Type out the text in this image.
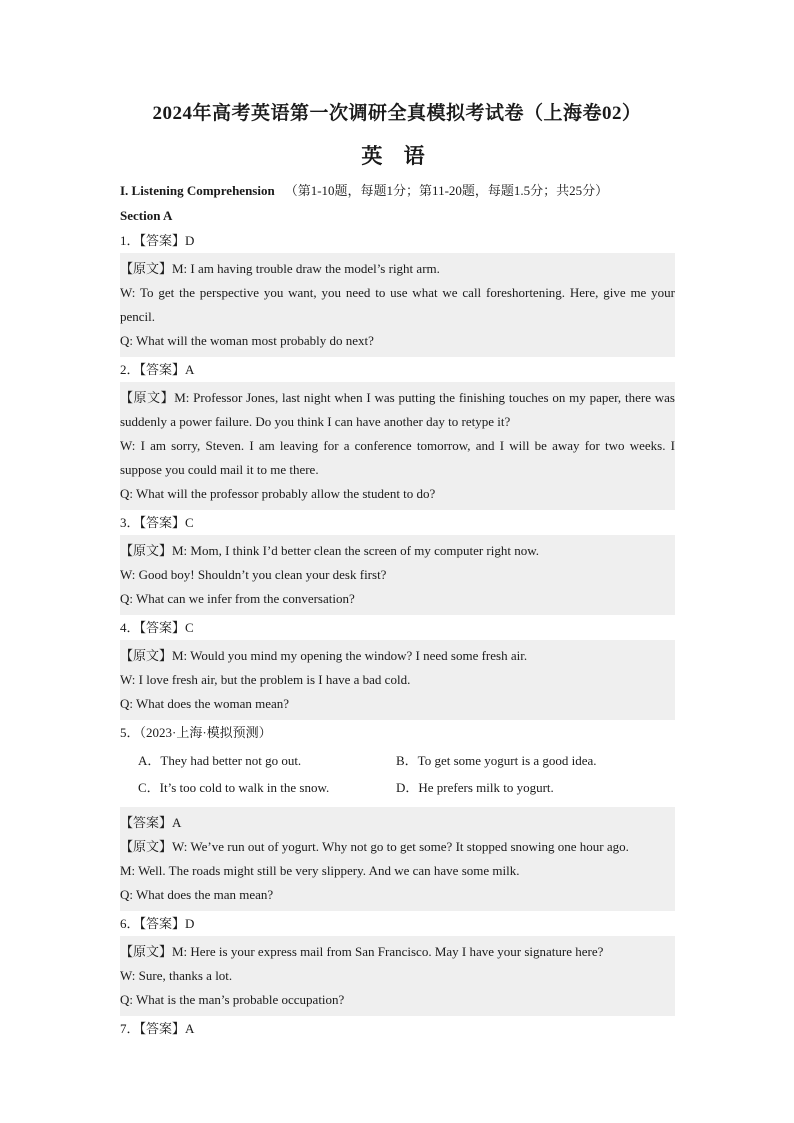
2024年高考英语第一次调研全真模拟考试卷（上海卷02）
英 语
I. Listening Comprehension （第1-10题，每题1分；第11-20题，每题1.5分；共25分）
Section A
1．【答案】D

【原文】M: I am having trouble draw the model’s right arm.

W: To get the perspective you want, you need to use what we call foreshortening. Here, give me your pencil.

Q: What will the woman most probably do next?

2．【答案】A

【原文】M: Professor Jones, last night when I was putting the finishing touches on my paper, there was suddenly a power failure. Do you think I can have another day to retype it?

W: I am sorry, Steven. I am leaving for a conference tomorrow, and I will be away for two weeks. I suppose you could mail it to me there.

Q: What will the professor probably allow the student to do?

3．【答案】C

【原文】M: Mom, I think I’d better clean the screen of my computer right now.

W: Good boy! Shouldn’t you clean your desk first?

Q: What can we infer from the conversation?

4．【答案】C

【原文】M: Would you mind my opening the window? I need some fresh air.

W: I love fresh air, but the problem is I have a bad cold.

Q: What does the woman mean?

5．（2023·上海·模拟预测）
A．They had better not go out.	B．To get some yogurt is a good idea.
C．It’s too cold to walk in the snow.	D．He prefers milk to yogurt.

【答案】A

【原文】W: We’ve run out of yogurt. Why not go to get some? It stopped snowing one hour ago.

M: Well. The roads might still be very slippery. And we can have some milk.

Q: What does the man mean?

6．【答案】D

【原文】M: Here is your express mail from San Francisco. May I have your signature here?

W: Sure, thanks a lot.

Q: What is the man’s probable occupation?

7．【答案】A
